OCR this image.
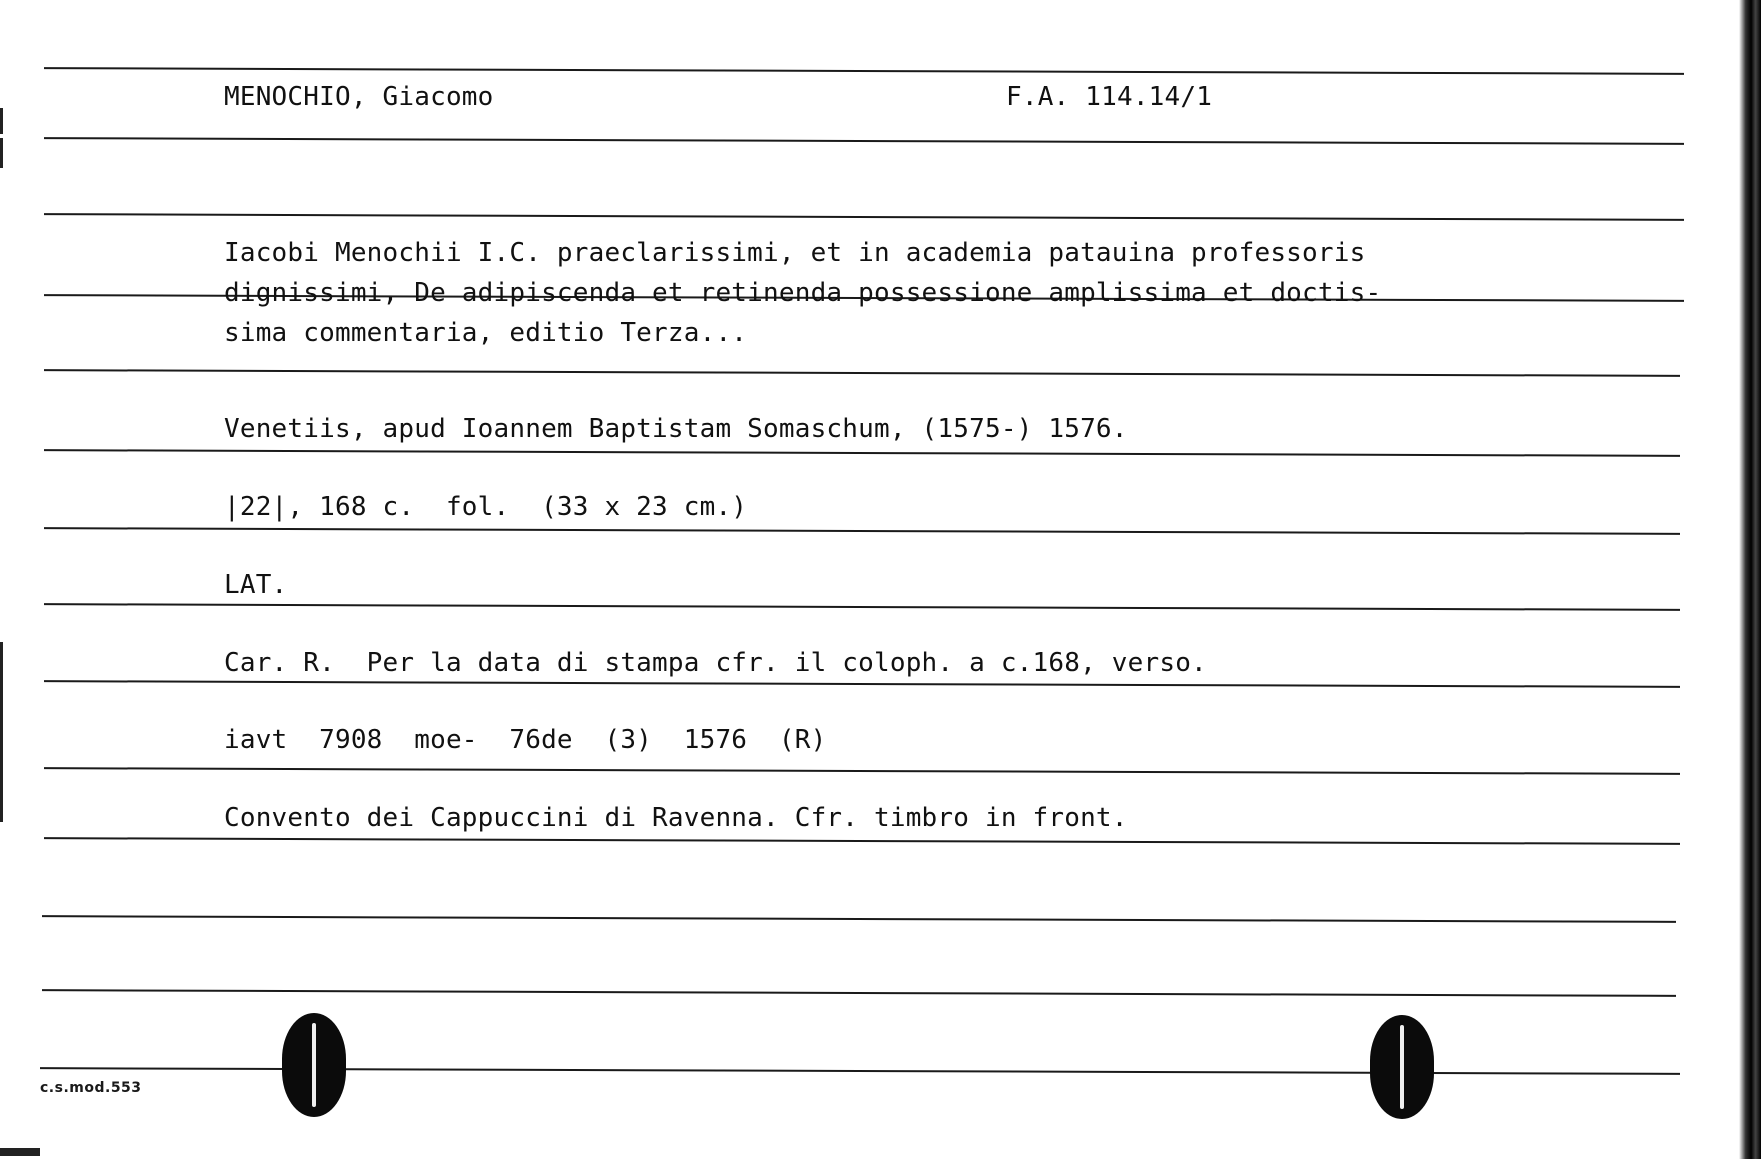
MENOCHIO, Giacomo	F.A. 114.14/1
Iacobi Menochii I.C. praeclarissimi, et in academia patauina professoris
dignissimi, De adipiscenda et retinenda possessione amplissima et doctis-
sima commentaria, editio Terza...
Venetiis, apud Ioannem Baptistam Somaschum, (1575-) 1576.
|22|, 168 c.  fol.  (33 x 23 cm.)
LAT.
Car. R.  Per la data di stampa cfr. il coloph. a c.168, verso.
iavt  7908  moe-  76de  (3)  1576  (R)
Convento dei Cappuccini di Ravenna. Cfr. timbro in front.
c.s.mod.553
